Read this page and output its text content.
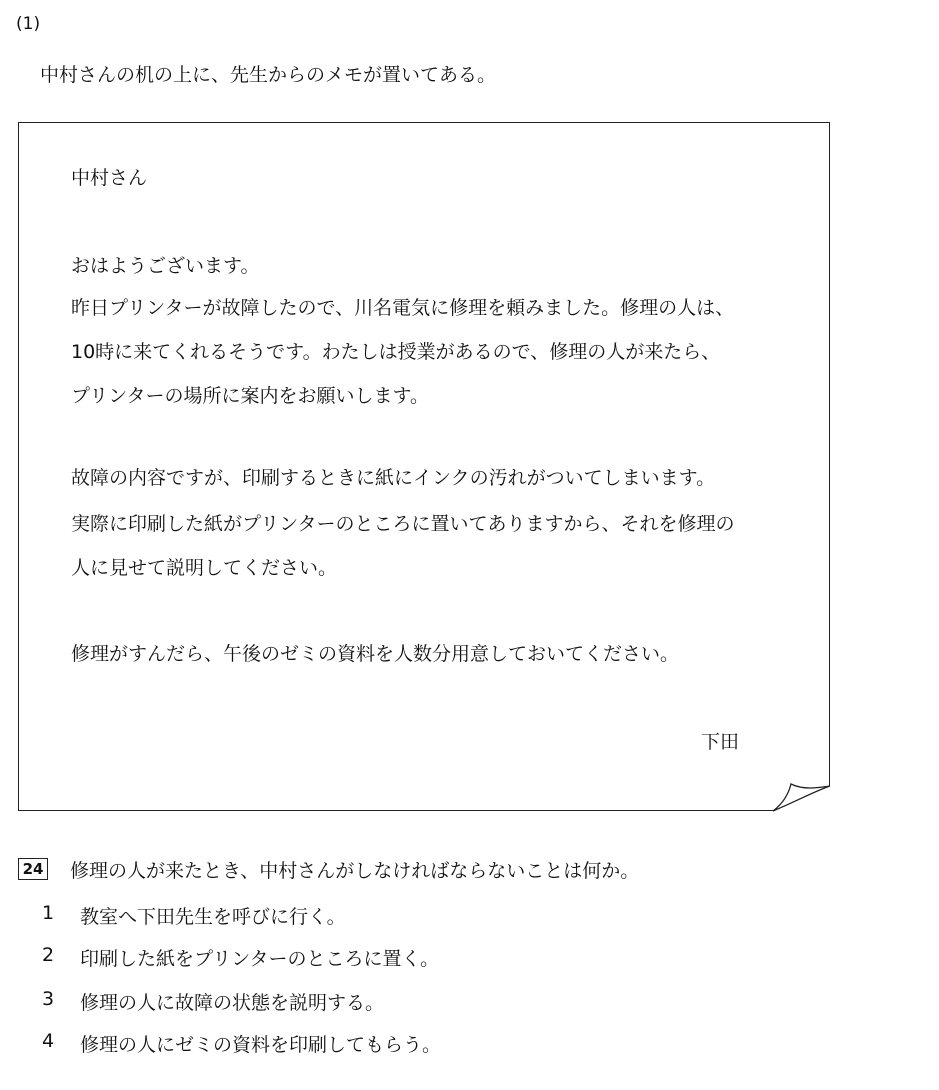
(1)
中村さんの机の上に、先生からのメモが置いてある。
中村さん
おはようございます。
昨日プリンターが故障したので、川名電気に修理を頼みました。修理の人は、
10時に来てくれるそうです。わたしは授業があるので、修理の人が来たら、
プリンターの場所に案内をお願いします。
故障の内容ですが、印刷するときに紙にインクの汚れがついてしまいます。
実際に印刷した紙がプリンターのところに置いてありますから、それを修理の
人に見せて説明してください。
修理がすんだら、午後のゼミの資料を人数分用意しておいてください。
下田
24 修理の人が来たとき、中村さんがしなければならないことは何か。
1 教室へ下田先生を呼びに行く。
2 印刷した紙をプリンターのところに置く。
3 修理の人に故障の状態を説明する。
4 修理の人にゼミの資料を印刷してもらう。
